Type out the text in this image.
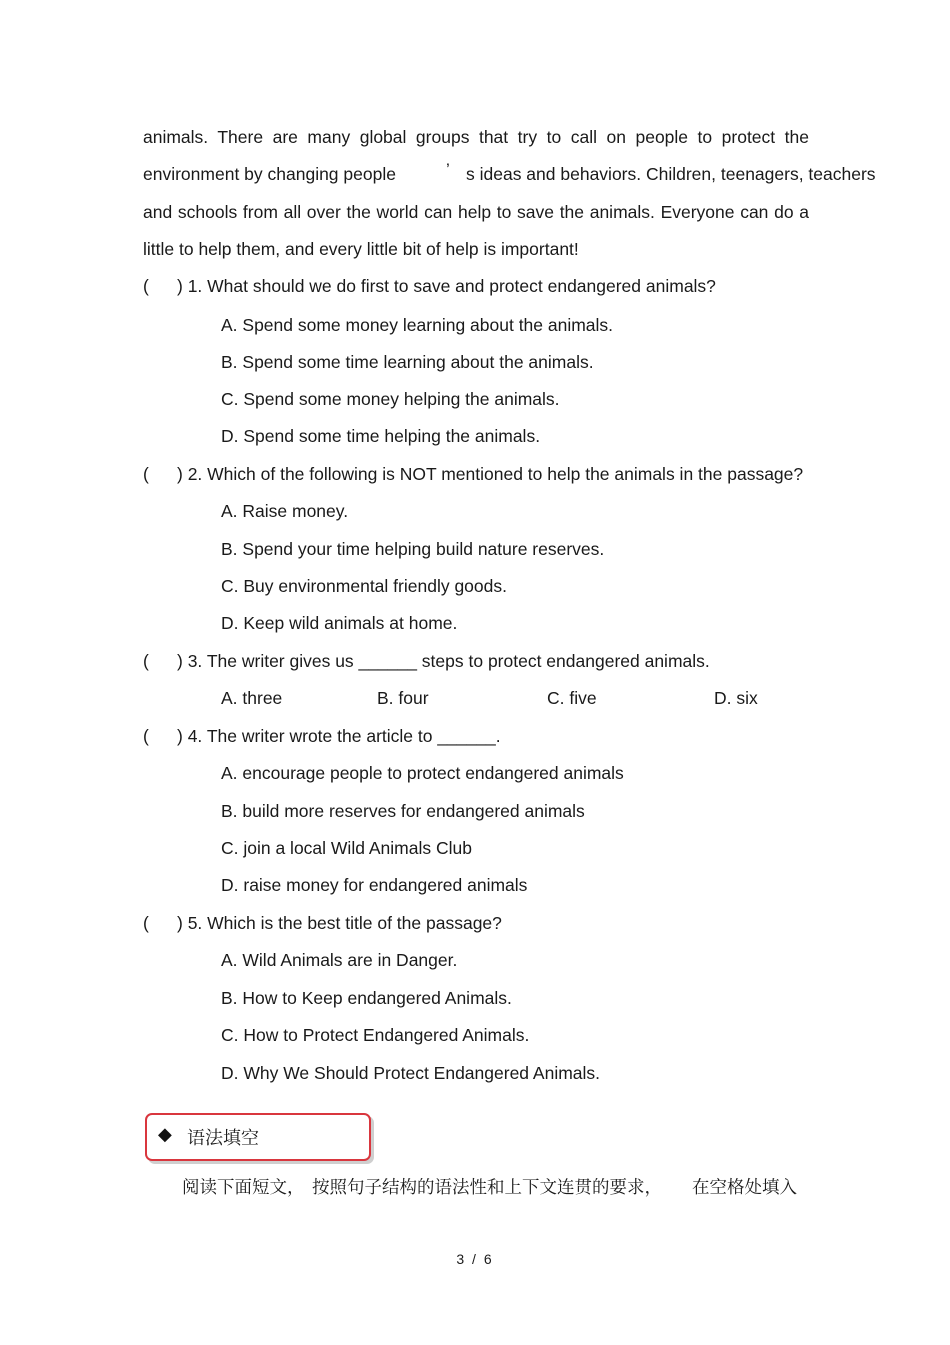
animals. There are many global groups that try to call on people to protect the
environment by changing people	’ s ideas and behaviors. Children, teenagers, teachers
and schools from all over the world can help to save the animals. Everyone can do a
little to help them, and every little bit of help is important!
( ) 1. What should we do first to save and protect endangered animals?
A. Spend some money learning about the animals.
B. Spend some time learning about the animals.
C. Spend some money helping the animals.
D. Spend some time helping the animals.
( ) 2. Which of the following is NOT mentioned to help the animals in the passage?
A. Raise money.
B. Spend your time helping build nature reserves.
C. Buy environmental friendly goods.
D. Keep wild animals at home.
( ) 3. The writer gives us ______ steps to protect endangered animals.
A. three	B. four	C. five	D. six
( ) 4. The writer wrote the article to ______.
A. encourage people to protect endangered animals
B. build more reserves for endangered animals
C. join a local Wild Animals Club
D. raise money for endangered animals
( ) 5. Which is the best title of the passage?
A. Wild Animals are in Danger.
B. How to Keep endangered Animals.
C. How to Protect Endangered Animals.
D. Why We Should Protect Endangered Animals.
◆ 语法填空
阅读下面短文， 按照句子结构的语法性和上下文连贯的要求， 在空格处填入
3 / 6
